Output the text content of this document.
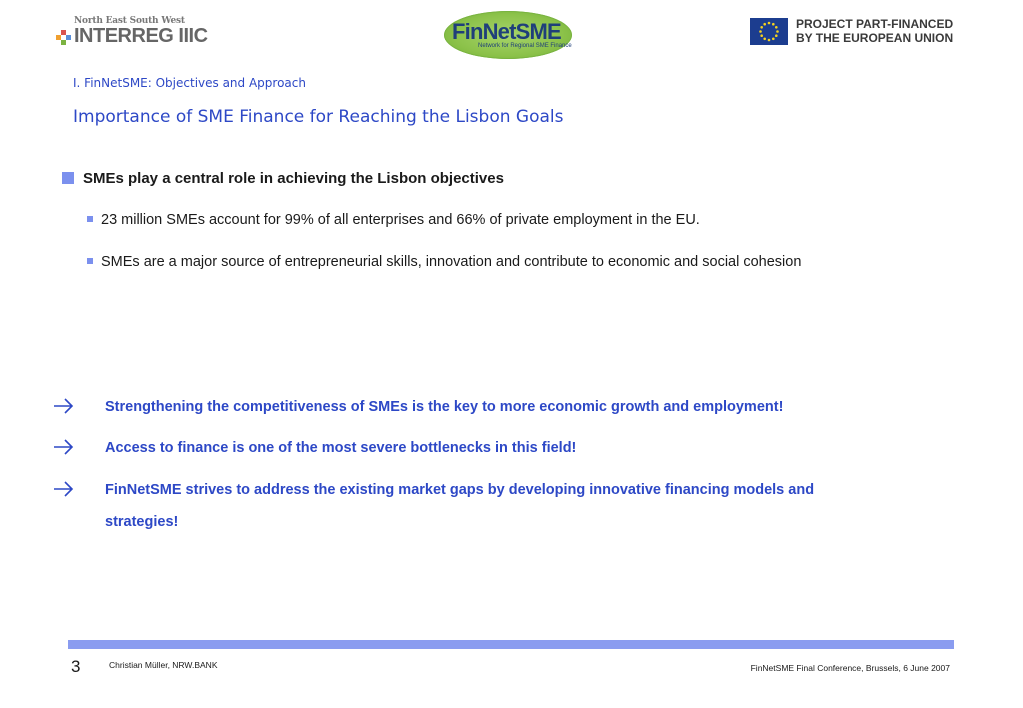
North East South West
INTERREG IIIC	FinNetSME
Network for Regional SME Finance
PROJECT PART-FINANCED
BY THE EUROPEAN UNION
I. FinNetSME: Objectives and Approach
Importance of SME Finance for Reaching the Lisbon Goals
SMEs play a central role in achieving the Lisbon objectives
23 million SMEs account for 99% of all enterprises and 66% of private employment in the EU.
SMEs are a major source of entrepreneurial skills, innovation and contribute to economic and social cohesion
Strengthening the competitiveness of SMEs is the key to more economic growth and employment!
Access to finance is one of the most severe bottlenecks in this field!
FinNetSME strives to address the existing market gaps by developing innovative financing models and
strategies!
3	Christian Müller, NRW.BANK	FinNetSME Final Conference, Brussels, 6 June 2007
